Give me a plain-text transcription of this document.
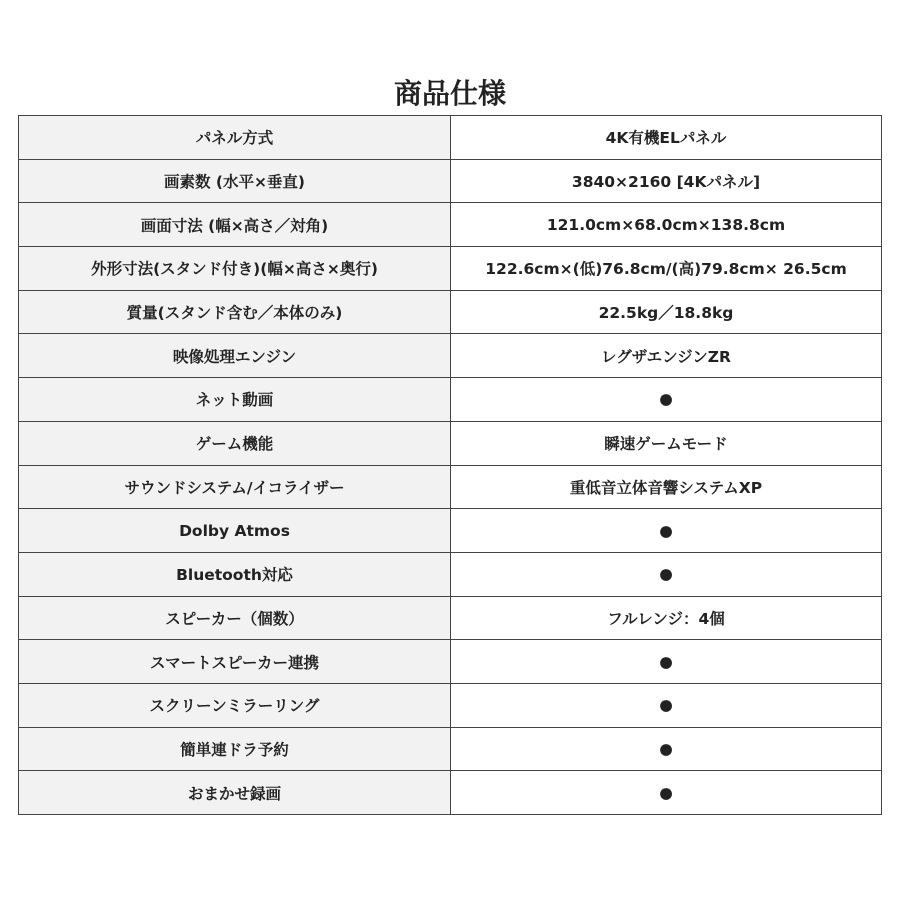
商品仕様
パネル方式	4K有機ELパネル
画素数 (水平×垂直)	3840×2160 [4Kパネル]
画面寸法 (幅×高さ／対角)	121.0cm×68.0cm×138.8cm
外形寸法(スタンド付き)(幅×高さ×奥行)	122.6cm×(低)76.8cm/(高)79.8cm× 26.5cm
質量(スタンド含む／本体のみ)	22.5kg／18.8kg
映像処理エンジン	レグザエンジンZR
ネット動画	●
ゲーム機能	瞬速ゲームモード
サウンドシステム/イコライザー	重低音立体音響システムXP
Dolby Atmos	●
Bluetooth対応	●
スピーカー（個数）	フルレンジ：4個
スマートスピーカー連携	●
スクリーンミラーリング	●
簡単連ドラ予約	●
おまかせ録画	●
